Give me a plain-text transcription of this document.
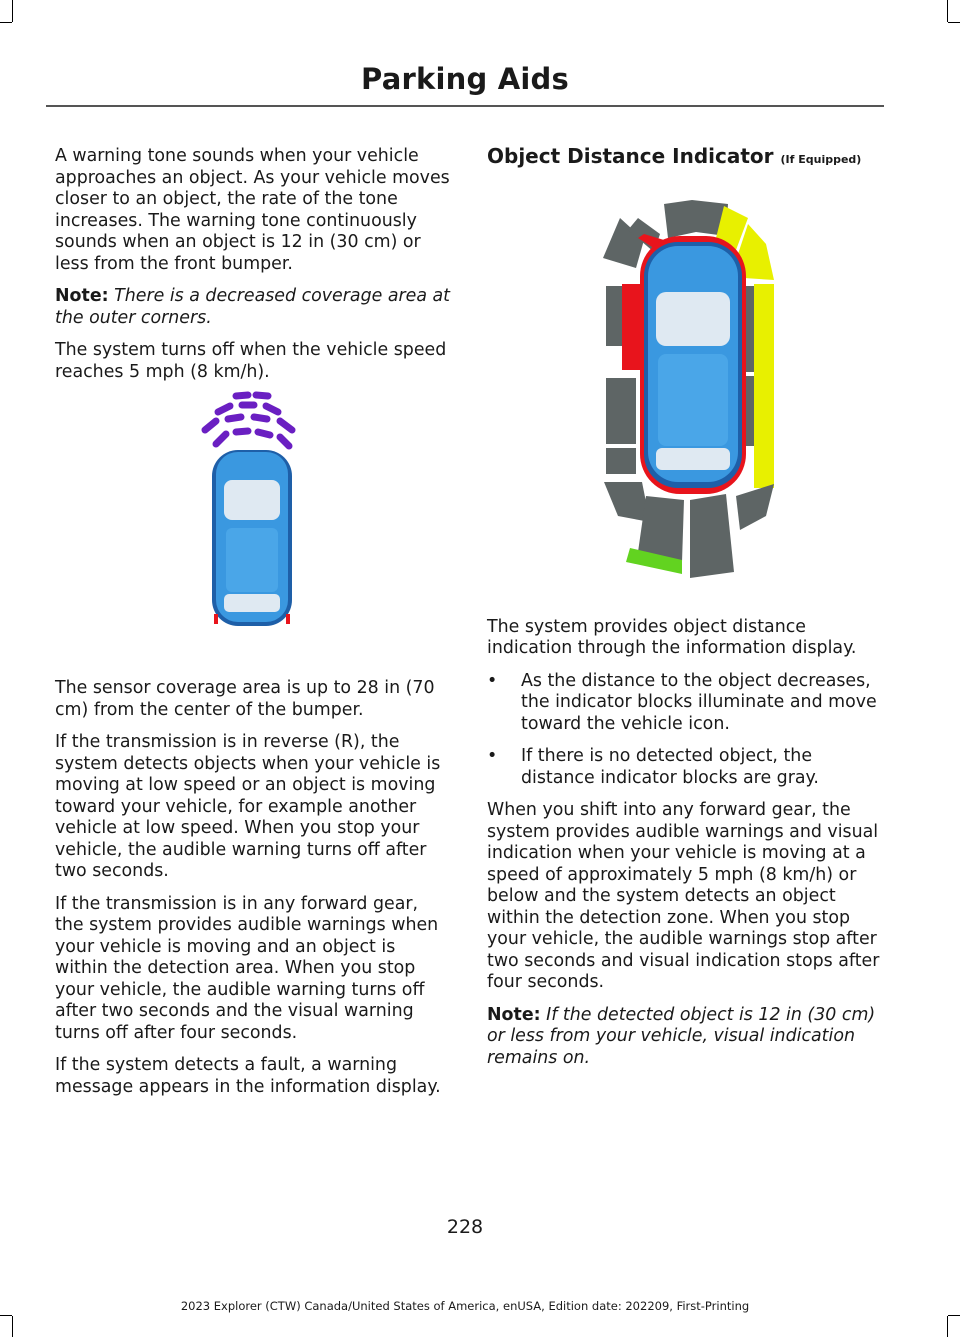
Parking Aids

A warning tone sounds when your vehicle approaches an object. As your vehicle moves closer to an object, the rate of the tone increases. The warning tone continuously sounds when an object is 12 in (30 cm) or less from the front bumper.

Note: There is a decreased coverage area at the outer corners.

The system turns off when the vehicle speed reaches 5 mph (8 km/h).

The sensor coverage area is up to 28 in (70 cm) from the center of the bumper.

If the transmission is in reverse (R), the system detects objects when your vehicle is moving at low speed or an object is moving toward your vehicle, for example another vehicle at low speed. When you stop your vehicle, the audible warning turns off after two seconds.

If the transmission is in any forward gear, the system provides audible warnings when your vehicle is moving and an object is within the detection area. When you stop your vehicle, the audible warning turns off after two seconds and the visual warning turns off after four seconds.

If the system detects a fault, a warning message appears in the information display.

Object Distance Indicator (If Equipped)

The system provides object distance indication through the information display.

•	As the distance to the object decreases, the indicator blocks illuminate and move toward the vehicle icon.
•	If there is no detected object, the distance indicator blocks are gray.

When you shift into any forward gear, the system provides audible warnings and visual indication when your vehicle is moving at a speed of approximately 5 mph (8 km/h) or below and the system detects an object within the detection zone. When you stop your vehicle, the audible warnings stop after two seconds and visual indication stops after four seconds.

Note: If the detected object is 12 in (30 cm) or less from your vehicle, visual indication remains on.

228
2023 Explorer (CTW) Canada/United States of America, enUSA, Edition date: 202209, First-Printing
